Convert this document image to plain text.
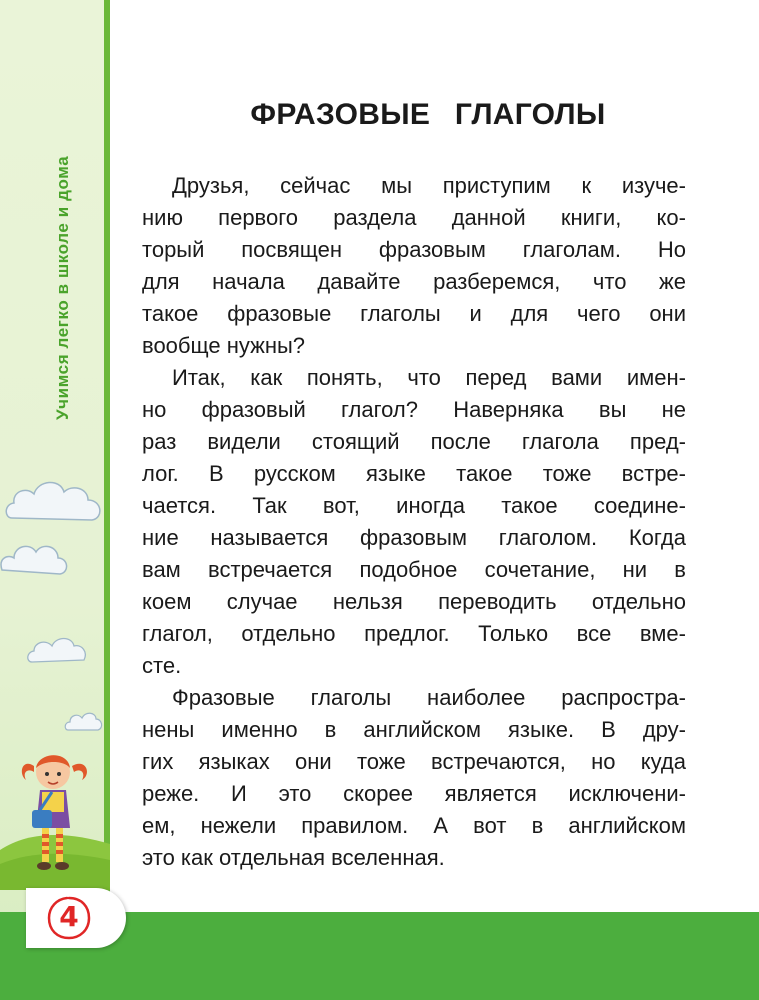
Учимся легко в школе и дома
4
ФРАЗОВЫЕ ГЛАГОЛЫ
Друзья, сейчас мы приступим к изуче-
нию первого раздела данной книги, ко-
торый посвящен фразовым глаголам. Но
для начала давайте разберемся, что же
такое фразовые глаголы и для чего они
вообще нужны?
Итак, как понять, что перед вами имен-
но фразовый глагол? Наверняка вы не
раз видели стоящий после глагола пред-
лог. В русском языке такое тоже встре-
чается. Так вот, иногда такое соедине-
ние называется фразовым глаголом. Когда
вам встречается подобное сочетание, ни в
коем случае нельзя переводить отдельно
глагол, отдельно предлог. Только все вме-
сте.
Фразовые глаголы наиболее распростра-
нены именно в английском языке. В дру-
гих языках они тоже встречаются, но куда
реже. И это скорее является исключени-
ем, нежели правилом. А вот в английском
это как отдельная вселенная.
